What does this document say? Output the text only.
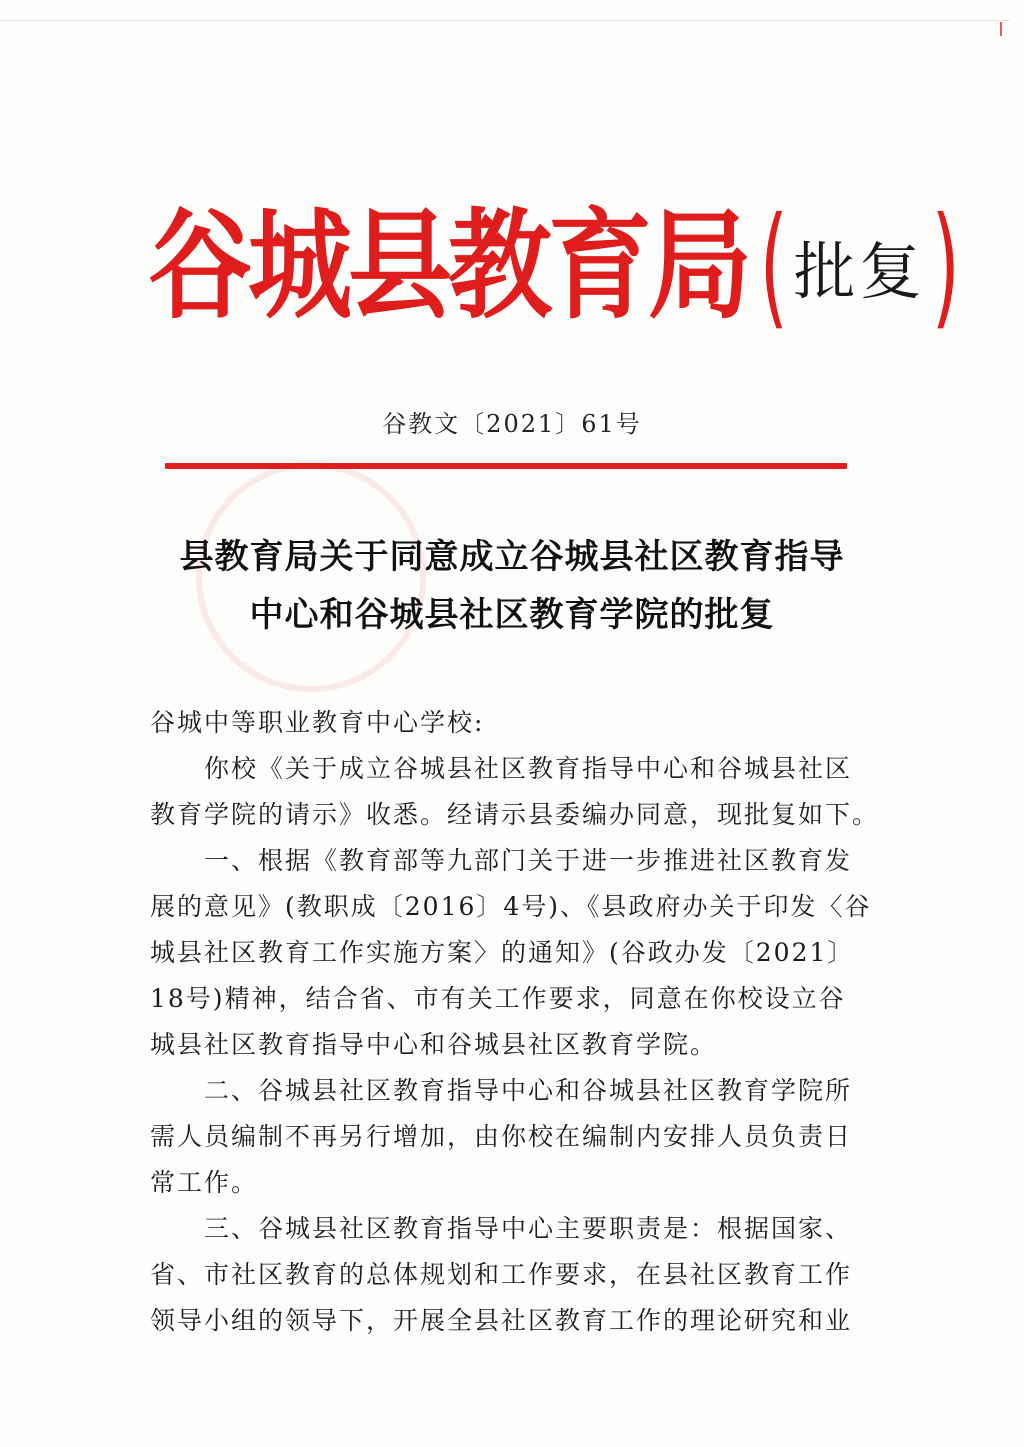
谷城县教育局 ( 批复 )
谷教文〔2021〕61号
县教育局关于同意成立谷城县社区教育指导
中心和谷城县社区教育学院的批复
谷城中等职业教育中心学校:
　　你校《关于成立谷城县社区教育指导中心和谷城县社区
教育学院的请示》收悉。经请示县委编办同意，现批复如下。
　　一、根据《教育部等九部门关于进一步推进社区教育发
展的意见》(教职成〔2016〕4号)、《县政府办关于印发〈谷
城县社区教育工作实施方案〉的通知》(谷政办发〔2021〕
18号)精神，结合省、市有关工作要求，同意在你校设立谷
城县社区教育指导中心和谷城县社区教育学院。
　　二、谷城县社区教育指导中心和谷城县社区教育学院所
需人员编制不再另行增加，由你校在编制内安排人员负责日
常工作。
　　三、谷城县社区教育指导中心主要职责是：根据国家、
省、市社区教育的总体规划和工作要求，在县社区教育工作
领导小组的领导下，开展全县社区教育工作的理论研究和业
